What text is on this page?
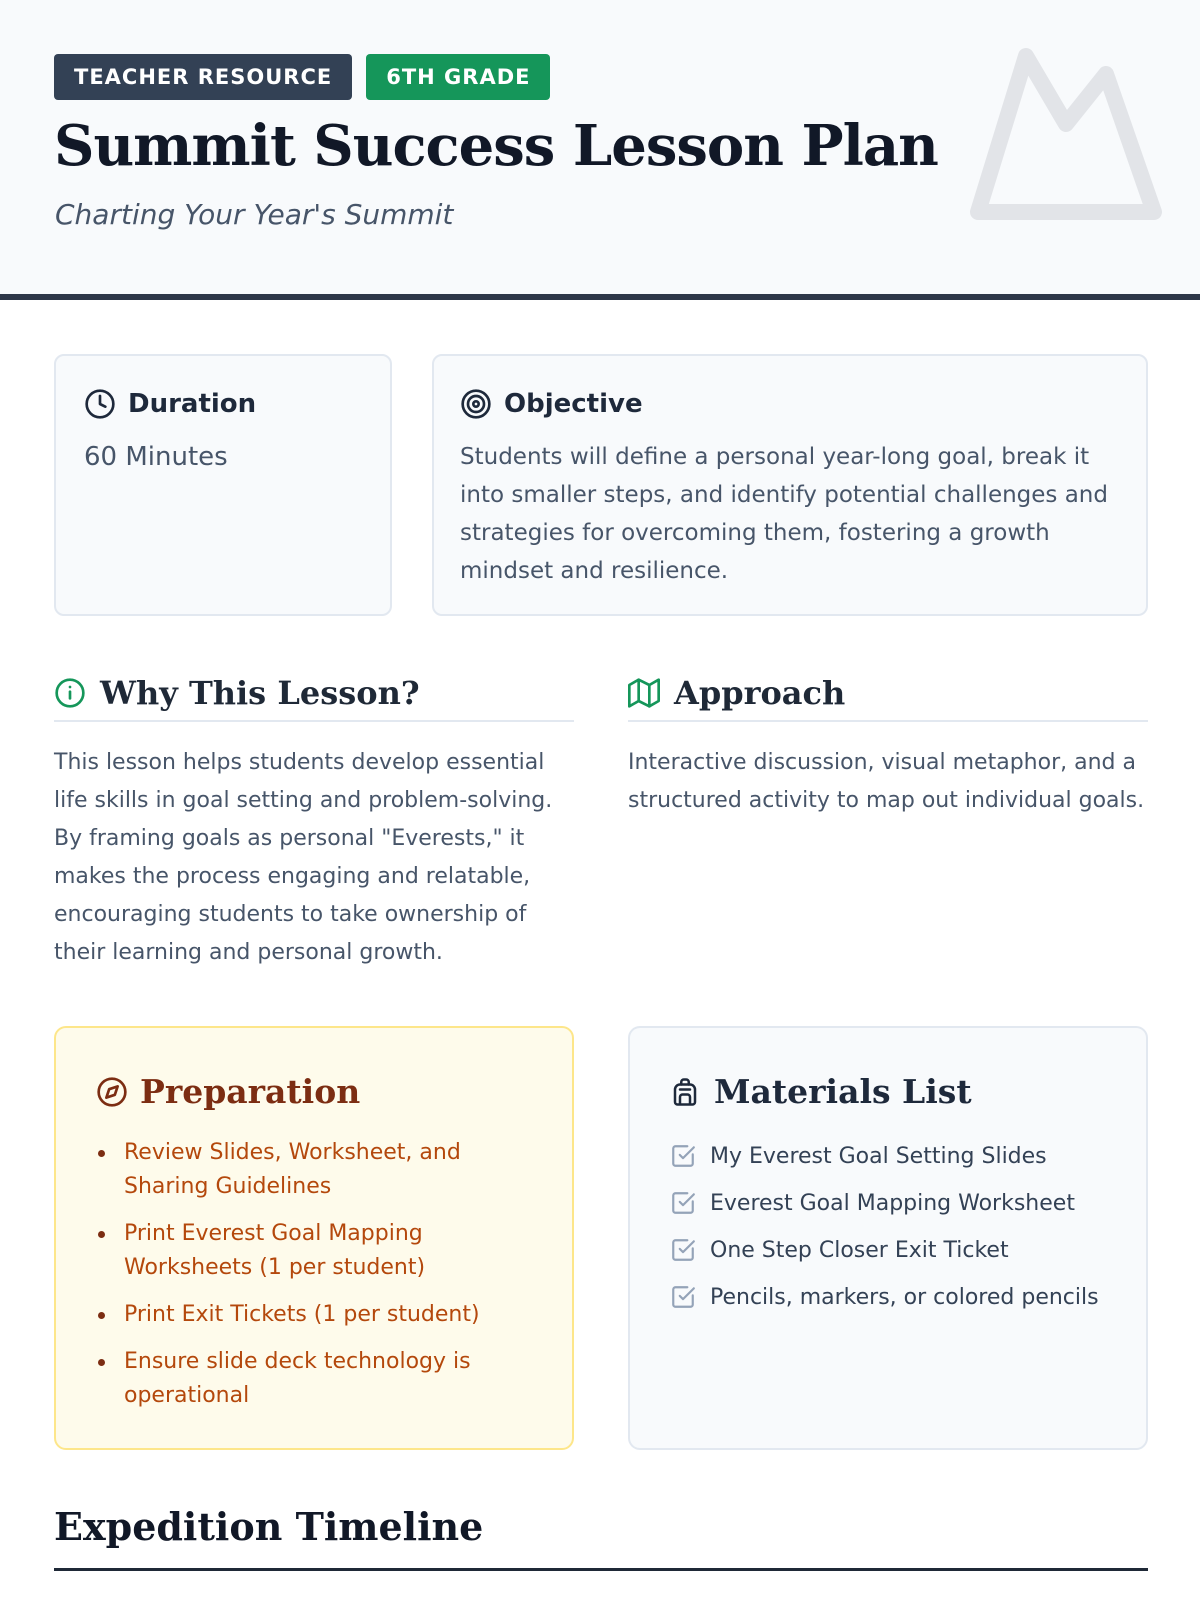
TEACHER RESOURCE	6TH GRADE
Summit Success Lesson Plan
Charting Your Year's Summit
Duration
60 Minutes
Objective

Students will define a personal year-long goal, break it into smaller steps, and identify potential challenges and strategies for overcoming them, fostering a growth mindset and resilience.

Why This Lesson?

This lesson helps students develop essential life skills in goal setting and problem-solving. By framing goals as personal "Everests," it makes the process engaging and relatable, encouraging students to take ownership of their learning and personal growth.

Approach

Interactive discussion, visual metaphor, and a structured activity to map out individual goals.

Preparation
Review Slides, Worksheet, and Sharing Guidelines
Print Everest Goal Mapping Worksheets (1 per student)
Print Exit Tickets (1 per student)
Ensure slide deck technology is operational
Materials List
My Everest Goal Setting Slides
Everest Goal Mapping Worksheet
One Step Closer Exit Ticket
Pencils, markers, or colored pencils
Expedition Timeline
